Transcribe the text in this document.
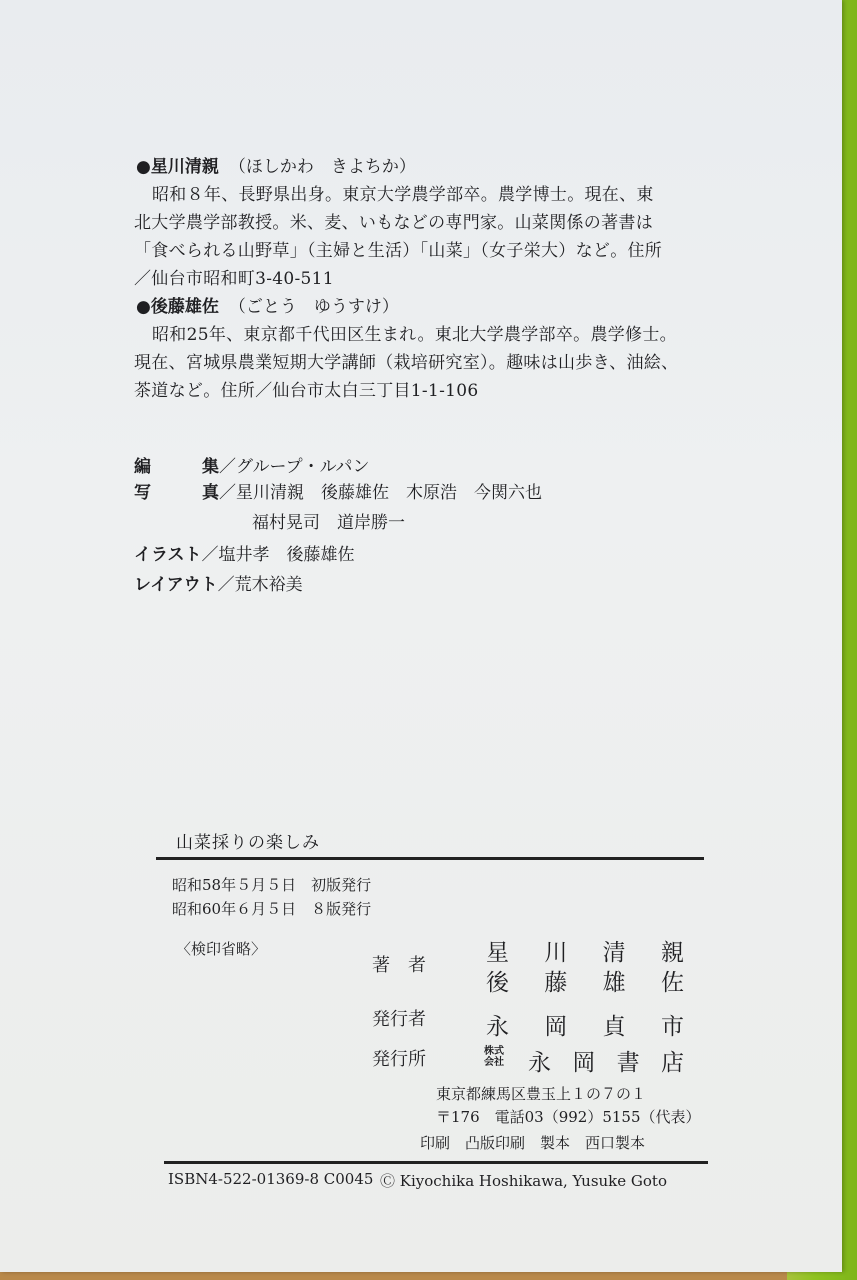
●星川清親 （ほしかわ　きよちか）
昭和８年、長野県出身。東京大学農学部卒。農学博士。現在、東
北大学農学部教授。米、麦、いもなどの専門家。山菜関係の著書は
「食べられる山野草」（主婦と生活）「山菜」（女子栄大）など。住所
／仙台市昭和町3-40-511
●後藤雄佐 （ごとう　ゆうすけ）
昭和25年、東京都千代田区生まれ。東北大学農学部卒。農学修士。
現在、宮城県農業短期大学講師（栽培研究室）。趣味は山歩き、油絵、
茶道など。住所／仙台市太白三丁目1-1-106
編　　　集／グループ・ルパン
写　　　真／星川清親　後藤雄佐　木原浩　今関六也
福村晃司　道岸勝一
イラスト／塩井孝　後藤雄佐
レイアウト／荒木裕美
山菜採りの楽しみ
昭和58年５月５日　初版発行
昭和60年６月５日　８版発行
〈検印省略〉
著　者	星 川 清 親
後 藤 雄 佐
発行者	永 岡 貞 市
発行所	株式会社 永 岡 書 店
東京都練馬区豊玉上１の７の１
〒176　電話03（992）5155（代表）
印刷　凸版印刷　製本　西口製本
ISBN4-522-01369-8 C0045 Ⓒ Kiyochika Hoshikawa, Yusuke Goto
